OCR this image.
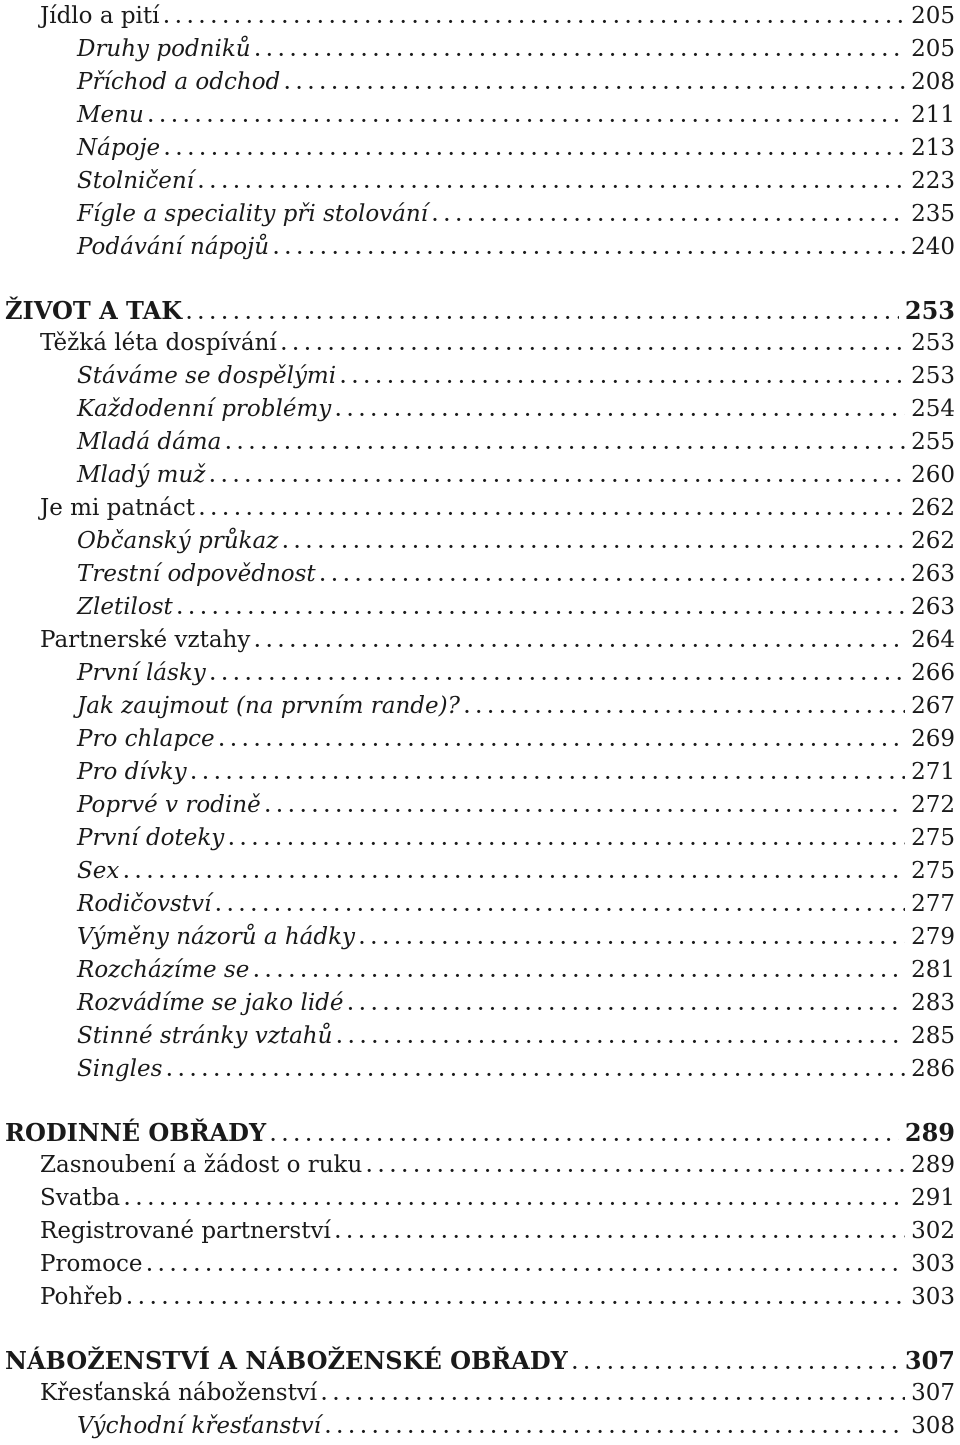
Jídlo a pití . . .	205
Druhy podniků . . .	205
Příchod a odchod . . .	208
Menu . . .	211
Nápoje . . .	213
Stolničení . . .	223
Fígle a speciality při stolování . . .	235
Podávání nápojů . . .	240
ŽIVOT A TAK . . .	253
Těžká léta dospívání . . .	253
Stáváme se dospělými . . .	253
Každodenní problémy . . .	254
Mladá dáma . . .	255
Mladý muž . . .	260
Je mi patnáct . . .	262
Občanský průkaz . . .	262
Trestní odpovědnost . . .	263
Zletilost . . .	263
Partnerské vztahy . . .	264
První lásky . . .	266
Jak zaujmout (na prvním rande)? . . .	267
Pro chlapce . . .	269
Pro dívky . . .	271
Poprvé v rodině . . .	272
První doteky . . .	275
Sex . . .	275
Rodičovství . . .	277
Výměny názorů a hádky . . .	279
Rozcházíme se . . .	281
Rozvádíme se jako lidé . . .	283
Stinné stránky vztahů . . .	285
Singles . . .	286
RODINNÉ OBŘADY . . .	289
Zasnoubení a žádost o ruku . . .	289
Svatba . . .	291
Registrované partnerství . . .	302
Promoce . . .	303
Pohřeb . . .	303
NÁBOŽENSTVÍ A NÁBOŽENSKÉ OBŘADY . . .	307
Křesťanská náboženství . . .	307
Východní křesťanství . . .	308
